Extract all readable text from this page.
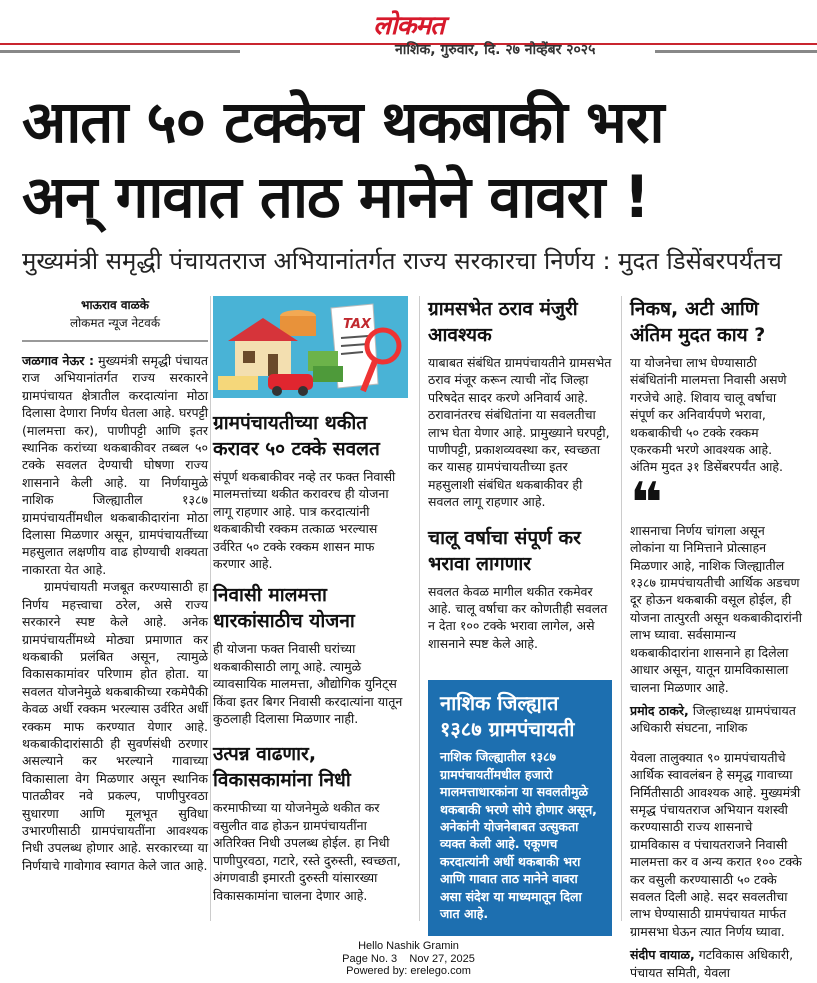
लोकमत
नाशिक, गुरुवार, दि. २७ नोव्हेंबर २०२५
आता ५० टक्केच थकबाकी भरा
अन् गावात ताठ मानेने वावरा !
मुख्यमंत्री समृद्धी पंचायतराज अभियानांतर्गत राज्य सरकारचा निर्णय : मुदत डिसेंबरपर्यंतच
भाऊराव वाळके
लोकमत न्यूज नेटवर्क

जळगाव नेऊर : मुख्यमंत्री समृद्धी पंचायत राज अभियानांतर्गत राज्य सरकारने ग्रामपंचायत क्षेत्रातील करदात्यांना मोठा दिलासा देणारा निर्णय घेतला आहे. घरपट्टी (मालमत्ता कर), पाणीपट्टी आणि इतर स्थानिक करांच्या थकबाकीवर तब्बल ५० टक्के सवलत देण्याची घोषणा राज्य शासनाने केली आहे. या निर्णयामुळे नाशिक जिल्ह्यातील १३८७ ग्रामपंचायतींमधील थकबाकीदारांना मोठा दिलासा मिळणार असून, ग्रामपंचायतींच्या महसुलात लक्षणीय वाढ होण्याची शक्यता नाकारता येत आहे.

ग्रामपंचायती मजबूत करण्यासाठी हा निर्णय महत्त्वाचा ठरेल, असे राज्य सरकारने स्पष्ट केले आहे. अनेक ग्रामपंचायतींमध्ये मोठ्या प्रमाणात कर थकबाकी प्रलंबित असून, त्यामुळे विकासकामांवर परिणाम होत होता. या सवलत योजनेमुळे थकबाकीच्या रकमेपैकी केवळ अर्धी रक्कम भरल्यास उर्वरित अर्धी रक्कम माफ करण्यात येणार आहे. थकबाकीदारांसाठी ही सुवर्णसंधी ठरणार असल्याने कर भरल्याने गावाच्या विकासाला वेग मिळणार असून स्थानिक पातळीवर नवे प्रकल्प, पाणीपुरवठा सुधारणा आणि मूलभूत सुविधा उभारणीसाठी ग्रामपंचायतींना आवश्यक निधी उपलब्ध होणार आहे. सरकारच्या या निर्णयाचे गावोगाव स्वागत केले जात आहे.

TAX
ग्रामपंचायतीच्या थकीत करावर ५० टक्के सवलत

संपूर्ण थकबाकीवर नव्हे तर फक्त निवासी मालमत्तांच्या थकीत करावरच ही योजना लागू राहणार आहे. पात्र करदात्यांनी थकबाकीची रक्कम तत्काळ भरल्यास उर्वरित ५० टक्के रक्कम शासन माफ करणार आहे.

निवासी मालमत्ता धारकांसाठीच योजना

ही योजना फक्त निवासी घरांच्या थकबाकीसाठी लागू आहे. त्यामुळे व्यावसायिक मालमत्ता, औद्योगिक युनिट्स किंवा इतर बिगर निवासी करदात्यांना यातून कुठलाही दिलासा मिळणार नाही.

उत्पन्न वाढणार, विकासकामांना निधी

करमाफीच्या या योजनेमुळे थकीत कर वसुलीत वाढ होऊन ग्रामपंचायतींना अतिरिक्त निधी उपलब्ध होईल. हा निधी पाणीपुरवठा, गटारे, रस्ते दुरुस्ती, स्वच्छता, अंगणवाडी इमारती दुरुस्ती यांसारख्या विकासकामांना चालना देणार आहे.

ग्रामसभेत ठराव मंजुरी आवश्यक

याबाबत संबंधित ग्रामपंचायतीने ग्रामसभेत ठराव मंजूर करून त्याची नोंद जिल्हा परिषदेत सादर करणे अनिवार्य आहे. ठरावानंतरच संबंधितांना या सवलतीचा लाभ घेता येणार आहे. प्रामुख्याने घरपट्टी, पाणीपट्टी, प्रकाशव्यवस्था कर, स्वच्छता कर यासह ग्रामपंचायतीच्या इतर महसुलाशी संबंधित थकबाकीवर ही सवलत लागू राहणार आहे.

चालू वर्षाचा संपूर्ण कर भरावा लागणार

सवलत केवळ मागील थकीत रकमेवर आहे. चालू वर्षाचा कर कोणतीही सवलत न देता १०० टक्के भरावा लागेल, असे शासनाने स्पष्ट केले आहे.

नाशिक जिल्ह्यात १३८७ ग्रामपंचायती

नाशिक जिल्ह्यातील १३८७ ग्रामपंचायतींमधील हजारो मालमत्ताधारकांना या सवलतीमुळे थकबाकी भरणे सोपे होणार असून, अनेकांनी योजनेबाबत उत्सुकता व्यक्त केली आहे. एकूणच करदात्यांनी अर्धी थकबाकी भरा आणि गावात ताठ मानेने वावरा असा संदेश या माध्यमातून दिला जात आहे.

निकष, अटी आणि अंतिम मुदत काय ?

या योजनेचा लाभ घेण्यासाठी संबंधितांनी मालमत्ता निवासी असणे गरजेचे आहे. शिवाय चालू वर्षाचा संपूर्ण कर अनिवार्यपणे भरावा, थकबाकीची ५० टक्के रक्कम एकरकमी भरणे आवश्यक आहे. अंतिम मुदत ३१ डिसेंबरपर्यंत आहे.

❝

शासनाचा निर्णय चांगला असून लोकांना या निमित्ताने प्रोत्साहन मिळणार आहे, नाशिक जिल्ह्यातील १३८७ ग्रामपंचायतीची आर्थिक अडचण दूर होऊन थकबाकी वसूल होईल, ही योजना तात्पुरती असून थकबाकीदारांनी लाभ घ्यावा. सर्वसामान्य थकबाकीदारांना शासनाने हा दिलेला आधार असून, यातून ग्रामविकासाला चालना मिळणार आहे.

प्रमोद ठाकरे, जिल्हाध्यक्ष ग्रामपंचायत अधिकारी संघटना, नाशिक

येवला तालुक्यात ९० ग्रामपंचायतीचे आर्थिक स्वावलंबन हे समृद्ध गावाच्या निर्मितीसाठी आवश्यक आहे. मुख्यमंत्री समृद्ध पंचायतराज अभियान यशस्वी करण्यासाठी राज्य शासनाचे ग्रामविकास व पंचायतराजने निवासी मालमत्ता कर व अन्य करात १०० टक्के कर वसुली करण्यासाठी ५० टक्के सवलत दिली आहे. सदर सवलतीचा लाभ घेण्यासाठी ग्रामपंचायत मार्फत ग्रामसभा घेऊन त्यात निर्णय घ्यावा.

संदीप वायाळ, गटविकास अधिकारी, पंचायत समिती, येवला

Hello Nashik Gramin
Page No. 3 Nov 27, 2025
Powered by: erelego.com
